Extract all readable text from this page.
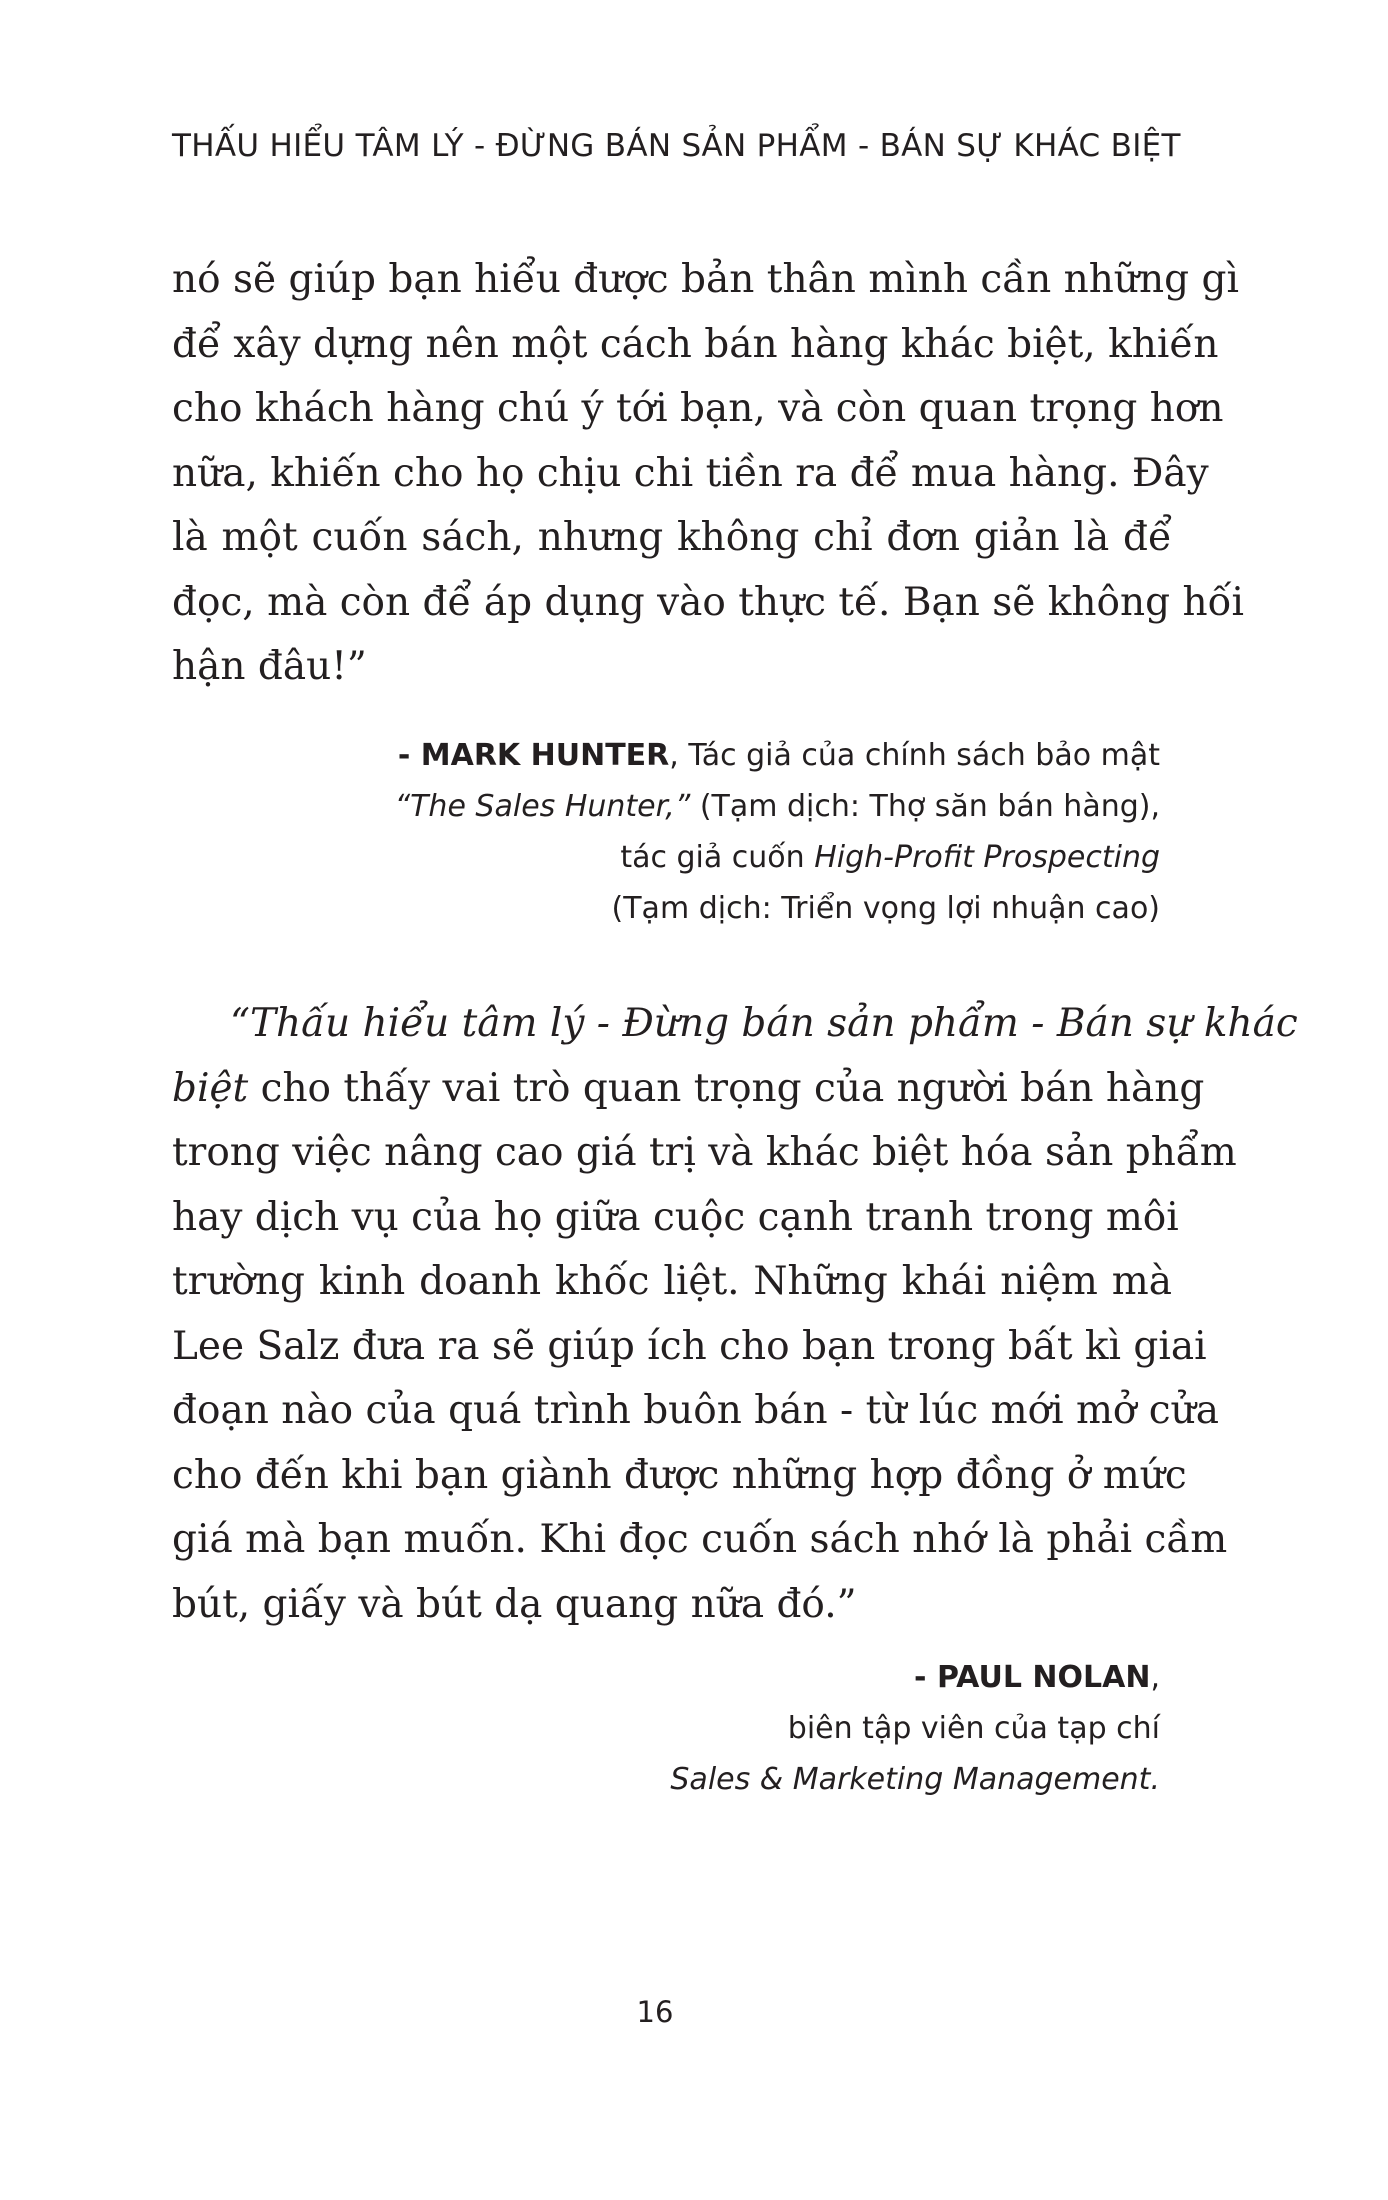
THẤU HIỂU TÂM LÝ - ĐỪNG BÁN SẢN PHẨM - BÁN SỰ KHÁC BIỆT
nó sẽ giúp bạn hiểu được bản thân mình cần những gì
để xây dựng nên một cách bán hàng khác biệt, khiến
cho khách hàng chú ý tới bạn, và còn quan trọng hơn
nữa, khiến cho họ chịu chi tiền ra để mua hàng. Đây
là một cuốn sách, nhưng không chỉ đơn giản là để
đọc, mà còn để áp dụng vào thực tế. Bạn sẽ không hối
hận đâu!”
- MARK HUNTER, Tác giả của chính sách bảo mật
“The Sales Hunter,” (Tạm dịch: Thợ săn bán hàng),
tác giả cuốn High-Profit Prospecting
(Tạm dịch: Triển vọng lợi nhuận cao)
“Thấu hiểu tâm lý - Đừng bán sản phẩm - Bán sự khác
biệt cho thấy vai trò quan trọng của người bán hàng
trong việc nâng cao giá trị và khác biệt hóa sản phẩm
hay dịch vụ của họ giữa cuộc cạnh tranh trong môi
trường kinh doanh khốc liệt. Những khái niệm mà
Lee Salz đưa ra sẽ giúp ích cho bạn trong bất kì giai
đoạn nào của quá trình buôn bán - từ lúc mới mở cửa
cho đến khi bạn giành được những hợp đồng ở mức
giá mà bạn muốn. Khi đọc cuốn sách nhớ là phải cầm
bút, giấy và bút dạ quang nữa đó.”
- PAUL NOLAN,
biên tập viên của tạp chí
Sales & Marketing Management.
16
